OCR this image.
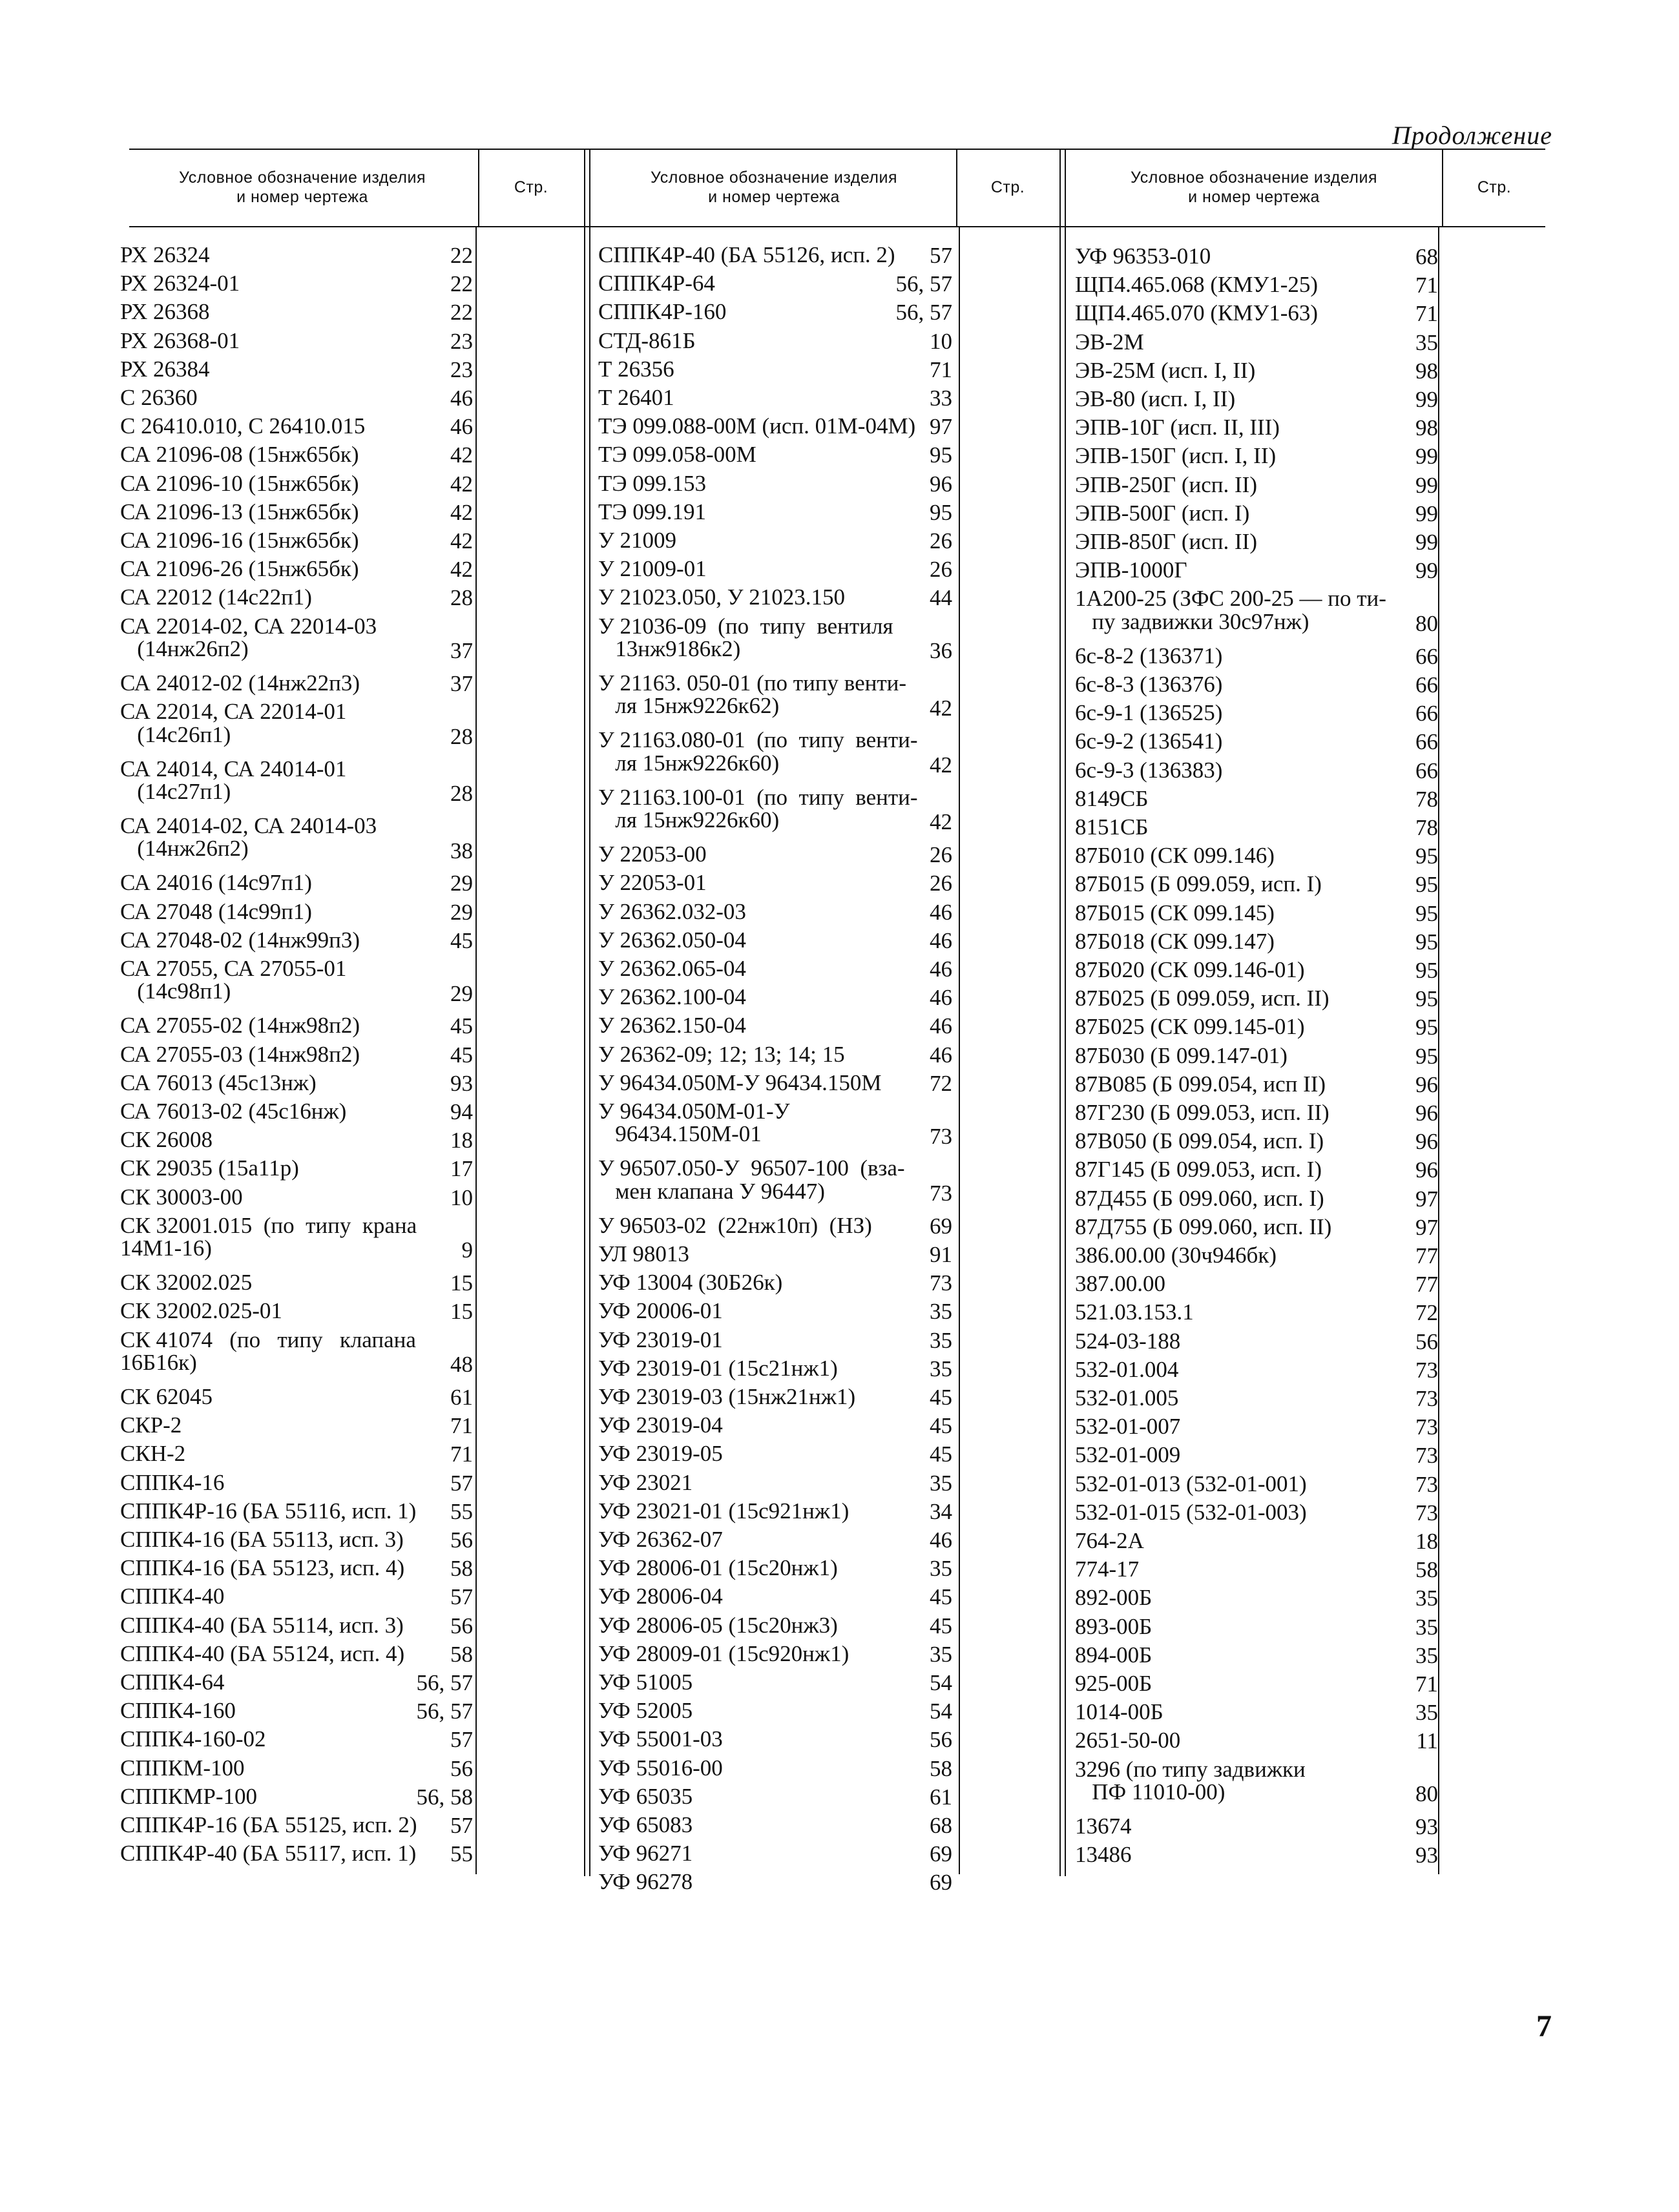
Продолжение
Условное обозначение изделия
и номер чертежа
Стр.
Условное обозначение изделия
и номер чертежа
Стр.
Условное обозначение изделия
и номер чертежа
Стр.
РХ 26324	22
РХ 26324-01	22
РХ 26368	22
РХ 26368-01	23
РХ 26384	23
С 26360	46
С 26410.010, С 26410.015	46
СА 21096-08 (15нж65бк)	42
СА 21096-10 (15нж65бк)	42
СА 21096-13 (15нж65бк)	42
СА 21096-16 (15нж65бк)	42
СА 21096-26 (15нж65бк)	42
СА 22012 (14с22п1)	28
СА 22014-02, СА 22014-03
(14нж26п2)	37
СА 24012-02 (14нж22п3)	37
СА 22014, СА 22014-01
(14с26п1)	28
СА 24014, СА 24014-01
(14с27п1)	28
СА 24014-02, СА 24014-03
(14нж26п2)	38
СА 24016 (14с97п1)	29
СА 27048 (14с99п1)	29
СА 27048-02 (14нж99п3)	45
СА 27055, СА 27055-01
(14с98п1)	29
СА 27055-02 (14нж98п2)	45
СА 27055-03 (14нж98п2)	45
СА 76013 (45с13нж)	93
СА 76013-02 (45с16нж)	94
СК 26008	18
СК 29035 (15а11р)	17
СК 30003-00	10
СК 32001.015  (по  типу  крана
14М1-16)	9
СК 32002.025	15
СК 32002.025-01	15
СК 41074   (по   типу   клапана
16Б16к)	48
СК 62045	61
СКР-2	71
СКН-2	71
СППК4-16	57
СППК4Р-16 (БА 55116, исп. 1) 55
СППК4-16 (БА 55113, исп. 3) 56
СППК4-16 (БА 55123, исп. 4) 58
СППК4-40	57
СППК4-40 (БА 55114, исп. 3) 56
СППК4-40 (БА 55124, исп. 4) 58
СППК4-64	56, 57
СППК4-160	56, 57
СППК4-160-02	57
СППКМ-100	56
СППКМР-100	56, 58
СППК4Р-16 (БА 55125, исп. 2) 57
СППК4Р-40 (БА 55117, исп. 1) 55
СППК4Р-40 (БА 55126, исп. 2) 57
СППК4Р-64	56, 57
СППК4Р-160	56, 57
СТД-861Б	10
Т 26356	71
Т 26401	33
ТЭ 099.088-00М (исп. 01М-04М) 97
ТЭ 099.058-00М	95
ТЭ 099.153	96
ТЭ 099.191	95
У 21009	26
У 21009-01	26
У 21023.050, У 21023.150	44
У 21036-09  (по  типу  вентиля
13нж9186к2)	36
У 21163. 050-01 (по типу венти-
ля 15нж9226к62)	42
У 21163.080-01  (по  типу  венти-
ля 15нж9226к60)	42
У 21163.100-01  (по  типу  венти-
ля 15нж9226к60)	42
У 22053-00	26
У 22053-01	26
У 26362.032-03	46
У 26362.050-04	46
У 26362.065-04	46
У 26362.100-04	46
У 26362.150-04	46
У 26362-09; 12; 13; 14; 15	46
У 96434.050М-У 96434.150М 72
У 96434.050М-01-У
96434.150М-01	73
У 96507.050-У  96507-100  (вза-
мен клапана У 96447)	73
У 96503-02  (22нж10п)  (НЗ)	69
УЛ 98013	91
УФ 13004 (30Б26к)	73
УФ 20006-01	35
УФ 23019-01	35
УФ 23019-01 (15с21нж1)	35
УФ 23019-03 (15нж21нж1)	45
УФ 23019-04	45
УФ 23019-05	45
УФ 23021	35
УФ 23021-01 (15с921нж1)	34
УФ 26362-07	46
УФ 28006-01 (15с20нж1)	35
УФ 28006-04	45
УФ 28006-05 (15с20нж3)	45
УФ 28009-01 (15с920нж1)	35
УФ 51005	54
УФ 52005	54
УФ 55001-03	56
УФ 55016-00	58
УФ 65035	61
УФ 65083	68
УФ 96271	69
УФ 96278	69
УФ 96353-010	68
ЩП4.465.068 (КМУ1-25)	71
ЩП4.465.070 (КМУ1-63)	71
ЭВ-2М	35
ЭВ-25М (исп. I, II)	98
ЭВ-80 (исп. I, II)	99
ЭПВ-10Г (исп. II, III)	98
ЭПВ-150Г (исп. I, II)	99
ЭПВ-250Г (исп. II)	99
ЭПВ-500Г (исп. I)	99
ЭПВ-850Г (исп. II)	99
ЭПВ-1000Г	99
1А200-25 (ЗФС 200-25 — по ти-
пу задвижки 30с97нж)	80
6с-8-2 (136371)	66
6с-8-3 (136376)	66
6с-9-1 (136525)	66
6с-9-2 (136541)	66
6с-9-3 (136383)	66
8149СБ	78
8151СБ	78
87Б010 (СК 099.146)	95
87Б015 (Б 099.059, исп. I)	95
87Б015 (СК 099.145)	95
87Б018 (СК 099.147)	95
87Б020 (СК 099.146-01)	95
87Б025 (Б 099.059, исп. II)	95
87Б025 (СК 099.145-01)	95
87Б030 (Б 099.147-01)	95
87В085 (Б 099.054, исп II)	96
87Г230 (Б 099.053, исп. II)	96
87В050 (Б 099.054, исп. I)	96
87Г145 (Б 099.053, исп. I)	96
87Д455 (Б 099.060, исп. I)	97
87Д755 (Б 099.060, исп. II)	97
386.00.00 (30ч946бк)	77
387.00.00	77
521.03.153.1	72
524-03-188	56
532-01.004	73
532-01.005	73
532-01-007	73
532-01-009	73
532-01-013 (532-01-001)	73
532-01-015 (532-01-003)	73
764-2А	18
774-17	58
892-00Б	35
893-00Б	35
894-00Б	35
925-00Б	71
1014-00Б	35
2651-50-00	11
3296 (по типу задвижки
ПФ 11010-00)	80
13674	93
13486	93
7
